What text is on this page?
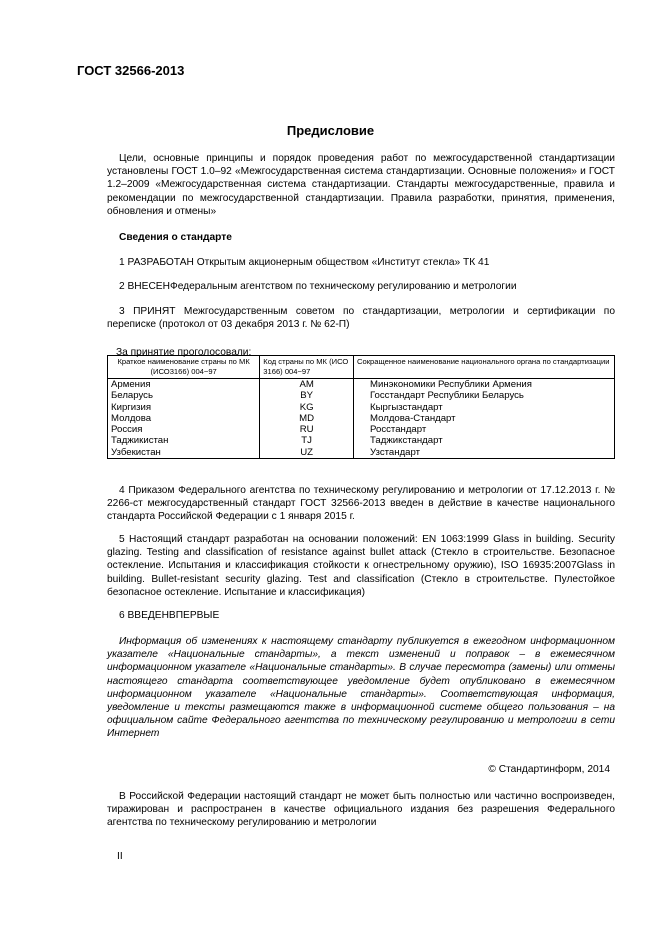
ГОСТ 32566-2013
Предисловие
Цели, основные принципы и порядок проведения работ по межгосударственной стандартизации установлены ГОСТ 1.0–92 «Межгосударственная система стандартизации. Основные положения» и ГОСТ 1.2–2009 «Межгосударственная система стандартизации. Стандарты межгосударственные, правила и рекомендации по межгосударственной стандартизации. Правила разработки, принятия, применения, обновления и отмены»
Сведения о стандарте
1 РАЗРАБОТАН Открытым акционерным обществом «Институт стекла» ТК 41
2 ВНЕСЕНФедеральным агентством по техническому регулированию и метрологии
3 ПРИНЯТ Межгосударственным советом по стандартизации, метрологии и сертификации по переписке (протокол от 03 декабря 2013 г. № 62-П)
За принятие проголосовали:
Краткое наименование страны по МК (ИСО3166) 004−97	Код страны по МК (ИСО 3166) 004−97	Сокращенное наименование национального органа по стандартизации
Армения	AM	Минэкономики Республики Армения
Беларусь	BY	Госстандарт Республики Беларусь
Киргизия	KG	Кыргызстандарт
Молдова	MD	Молдова-Стандарт
Россия	RU	Росстандарт
Таджикистан	TJ	Таджикстандарт
Узбекистан	UZ	Узстандарт
4 Приказом Федерального агентства по техническому регулированию и метрологии от 17.12.2013 г. № 2266-ст межгосударственный стандарт ГОСТ 32566-2013 введен в действие в качестве национального стандарта Российской Федерации с 1 января 2015 г.
5 Настоящий стандарт разработан на основании положений: EN 1063:1999 Glass in building. Security glazing. Testing and classification of resistance against bullet attack (Стекло в строительстве. Безопасное остекление. Испытания и классификация стойкости к огнестрельному оружию), ISO 16935:2007Glass in building. Bullet-resistant security glazing. Test and classification (Стекло в строительстве. Пулестойкое безопасное остекление. Испытание и классификация)
6 ВВЕДЕНВПЕРВЫЕ
Информация об изменениях к настоящему стандарту публикуется в ежегодном информационном указателе «Национальные стандарты», а текст изменений и поправок – в ежемесячном информационном указателе «Национальные стандарты». В случае пересмотра (замены) или отмены настоящего стандарта соответствующее уведомление будет опубликовано в ежемесячном информационном указателе «Национальные стандарты». Соответствующая информация, уведомление и тексты размещаются также в информационной системе общего пользования – на официальном сайте Федерального агентства по техническому регулированию и метрологии в сети Интернет
© Стандартинформ, 2014
В Российской Федерации настоящий стандарт не может быть полностью или частично воспроизведен, тиражирован и распространен в качестве официального издания без разрешения Федерального агентства по техническому регулированию и метрологии
II
